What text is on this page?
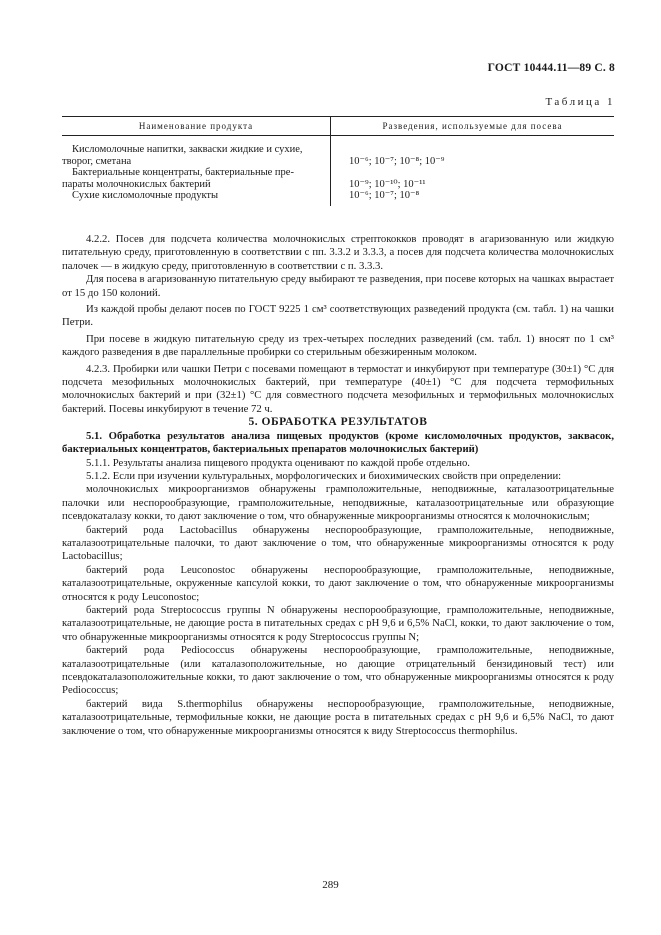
ГОСТ 10444.11—89 С. 8
Таблица 1
Наименование продукта	Разведения, используемые для посева
Кисломолочные напитки, закваски жидкие и сухие,
творог, сметана
Бактериальные концентраты, бактериальные пре-
параты молочнокислых бактерий
Сухие кисломолочные продукты

10⁻⁶; 10⁻⁷; 10⁻⁸; 10⁻⁹

10⁻⁹; 10⁻¹⁰; 10⁻¹¹
10⁻⁶; 10⁻⁷; 10⁻⁸

4.2.2. Посев для подсчета количества молочнокислых стрептококков проводят в агаризованную или жидкую питательную среду, приготовленную в соответствии с пп. 3.3.2 и 3.3.3, а посев для подсчета количества молочнокислых палочек — в жидкую среду, приготовленную в соответствии с п. 3.3.3.

Для посева в агаризованную питательную среду выбирают те разведения, при посеве которых на чашках вырастает от 15 до 150 колоний.

Из каждой пробы делают посев по ГОСТ 9225 1 см³ соответствующих разведений продукта (см. табл. 1) на чашки Петри.

При посеве в жидкую питательную среду из трех-четырех последних разведений (см. табл. 1) вносят по 1 см³ каждого разведения в две параллельные пробирки со стерильным обезжиренным молоком.

4.2.3. Пробирки или чашки Петри с посевами помещают в термостат и инкубируют при температуре (30±1) °С для подсчета мезофильных молочнокислых бактерий, при температуре (40±1) °С для подсчета термофильных молочнокислых бактерий и при (32±1) °С для совместного подсчета мезофильных и термофильных молочнокислых бактерий. Посевы инкубируют в течение 72 ч.

5. ОБРАБОТКА РЕЗУЛЬТАТОВ

5.1. Обработка результатов анализа пищевых продуктов (кроме кисломолочных продуктов, заквасок, бактериальных концентратов, бактериальных препаратов молочнокислых бактерий)

5.1.1. Результаты анализа пищевого продукта оценивают по каждой пробе отдельно.

5.1.2. Если при изучении культуральных, морфологических и биохимических свойств при определении:

молочнокислых микроорганизмов обнаружены грамположительные, неподвижные, каталазоотрицательные палочки или неспорообразующие, грамположительные, неподвижные, каталазоотрицательные или образующие псевдокаталазу кокки, то дают заключение о том, что обнаруженные микроорганизмы относятся к молочнокислым;

бактерий рода Lactobacillus обнаружены неспорообразующие, грамположительные, неподвижные, каталазоотрицательные палочки, то дают заключение о том, что обнаруженные микроорганизмы относятся к роду Lactobacillus;

бактерий рода Leuconostoc обнаружены неспорообразующие, грамположительные, неподвижные, каталазоотрицательные, окруженные капсулой кокки, то дают заключение о том, что обнаруженные микроорганизмы относятся к роду Leuconostoc;

бактерий рода Streptococcus группы N обнаружены неспорообразующие, грамположительные, неподвижные, каталазоотрицательные, не дающие роста в питательных средах с рН 9,6 и 6,5% NaCl, кокки, то дают заключение о том, что обнаруженные микроорганизмы относятся к роду Streptococcus группы N;

бактерий рода Pediococcus обнаружены неспорообразующие, грамположительные, неподвижные, каталазоотрицательные (или каталазоположительные, но дающие отрицательный бензидиновый тест) или псевдокаталазоположительные кокки, то дают заключение о том, что обнаруженные микроорганизмы относятся к роду Pediococcus;

бактерий вида S.thermophilus обнаружены неспорообразующие, грамположительные, неподвижные, каталазоотрицательные, термофильные кокки, не дающие роста в питательных средах с рН 9,6 и 6,5% NaCl, то дают заключение о том, что обнаруженные микроорганизмы относятся к виду Streptococcus thermophilus.

289
